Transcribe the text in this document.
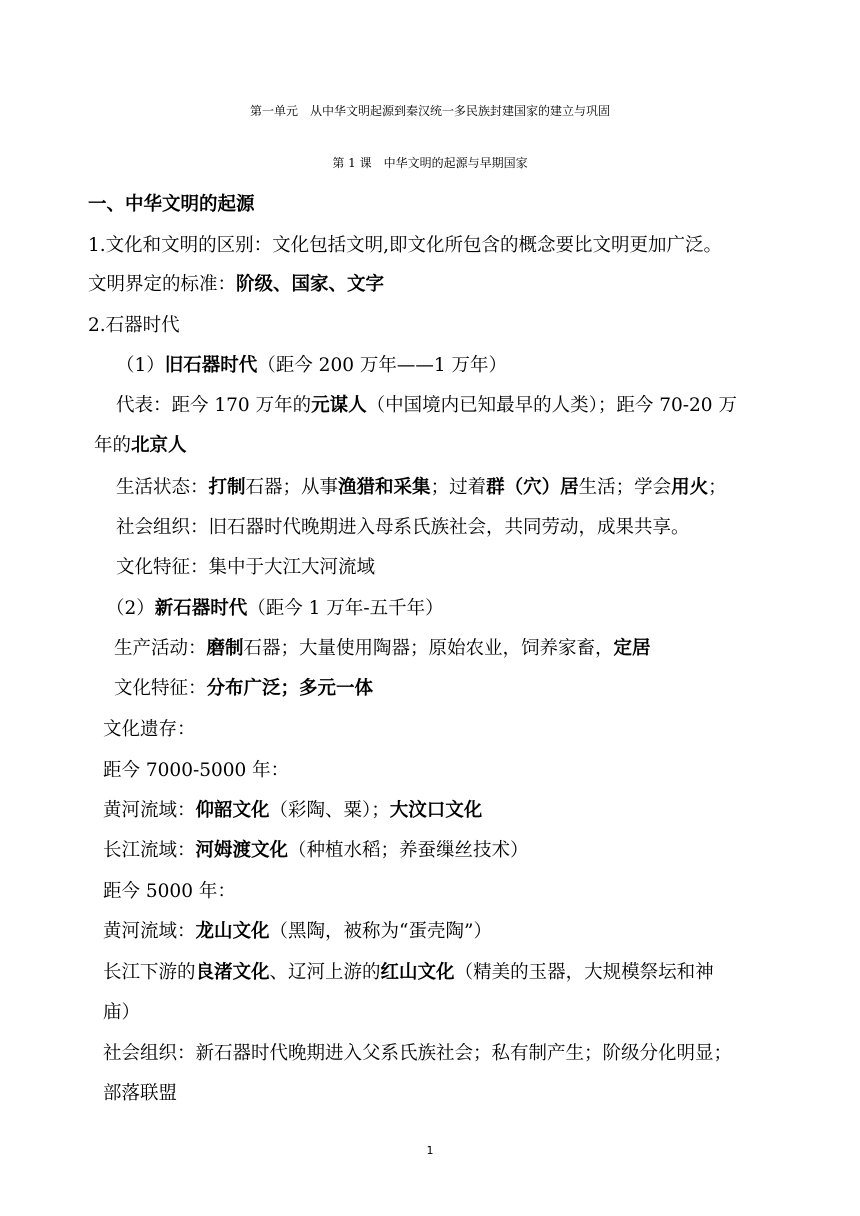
第一单元　从中华文明起源到秦汉统一多民族封建国家的建立与巩固
第 1 课　中华文明的起源与早期国家
一、中华文明的起源
1.文化和文明的区别：文化包括文明,即文化所包含的概念要比文明更加广泛。
文明界定的标准：阶级、国家、文字
2.石器时代
（1）旧石器时代（距今 200 万年——1 万年）
代表：距今 170 万年的元谋人（中国境内已知最早的人类）；距今 70-20 万
年的北京人
生活状态：打制石器；从事渔猎和采集；过着群（穴）居生活；学会用火；
社会组织：旧石器时代晚期进入母系氏族社会，共同劳动，成果共享。
文化特征：集中于大江大河流域
（2）新石器时代（距今 1 万年-五千年）
生产活动：磨制石器；大量使用陶器；原始农业，饲养家畜，定居
文化特征：分布广泛；多元一体
文化遗存：
距今 7000-5000 年：
黄河流域：仰韶文化（彩陶、粟）；大汶口文化
长江流域：河姆渡文化（种植水稻；养蚕缫丝技术）
距今 5000 年：
黄河流域：龙山文化（黑陶，被称为“蛋壳陶”）
长江下游的良渚文化、辽河上游的红山文化（精美的玉器，大规模祭坛和神
庙）
社会组织：新石器时代晚期进入父系氏族社会；私有制产生；阶级分化明显；
部落联盟
1
